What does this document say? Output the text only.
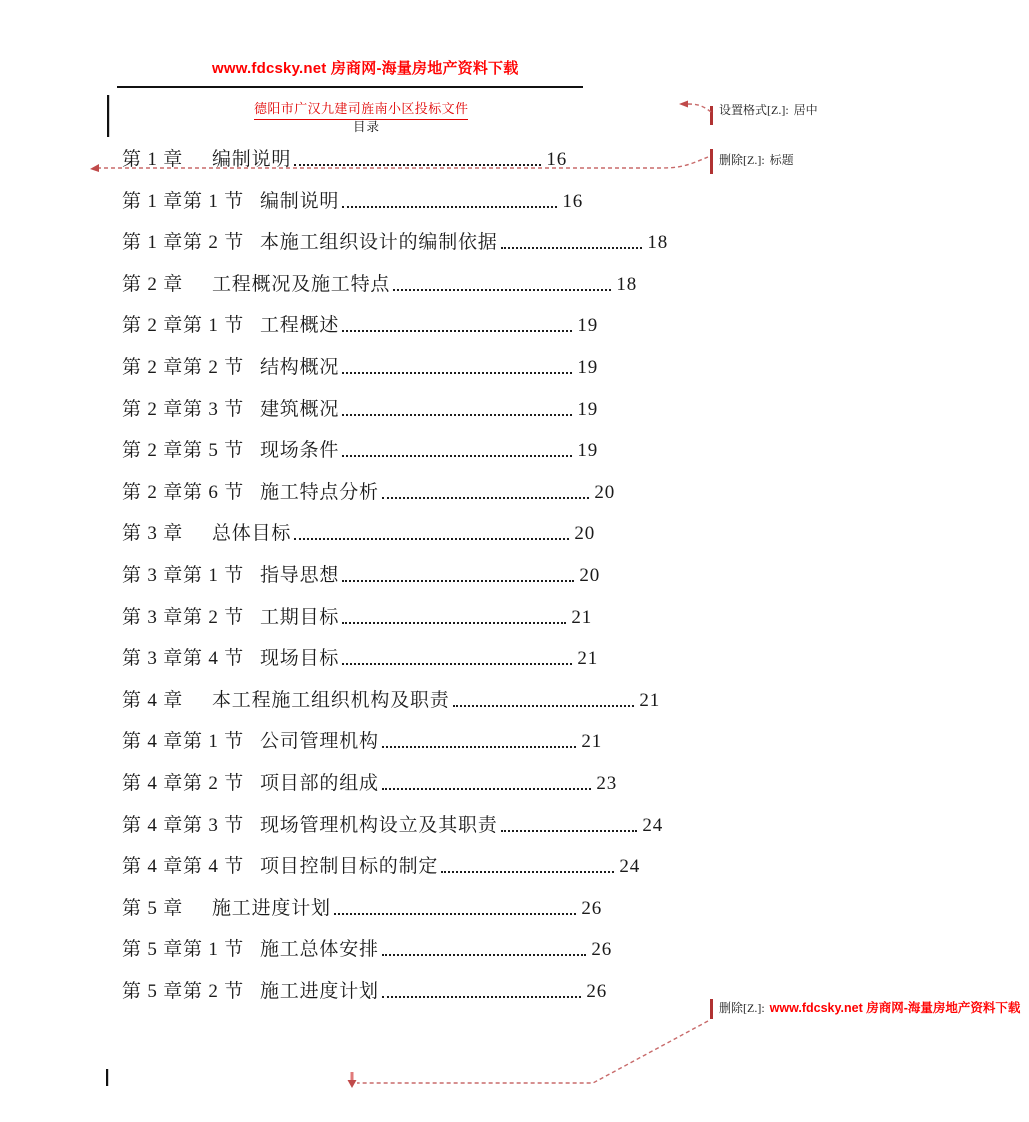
www.fdcsky.net 房商网-海量房地产资料下载
德阳市广汉九建司旌南小区投标文件
目录
第 1 章	编制说明	16
第 1 章第 1 节 编制说明	16
第 1 章第 2 节 本施工组织设计的编制依据	18
第 2 章	工程概况及施工特点	18
第 2 章第 1 节 工程概述	19
第 2 章第 2 节 结构概况	19
第 2 章第 3 节 建筑概况	19
第 2 章第 5 节 现场条件	19
第 2 章第 6 节 施工特点分析	20
第 3 章	总体目标	20
第 3 章第 1 节 指导思想	20
第 3 章第 2 节 工期目标	21
第 3 章第 4 节 现场目标	21
第 4 章	本工程施工组织机构及职责	21
第 4 章第 1 节 公司管理机构	21
第 4 章第 2 节 项目部的组成	23
第 4 章第 3 节 现场管理机构设立及其职责	24
第 4 章第 4 节 项目控制目标的制定	24
第 5 章	施工进度计划	26
第 5 章第 1 节 施工总体安排	26
第 5 章第 2 节 施工进度计划	26
设置格式[Z.]: 居中
删除[Z.]: 标题
删除[Z.]: www.fdcsky.net 房商网-海量房地产资料下载
